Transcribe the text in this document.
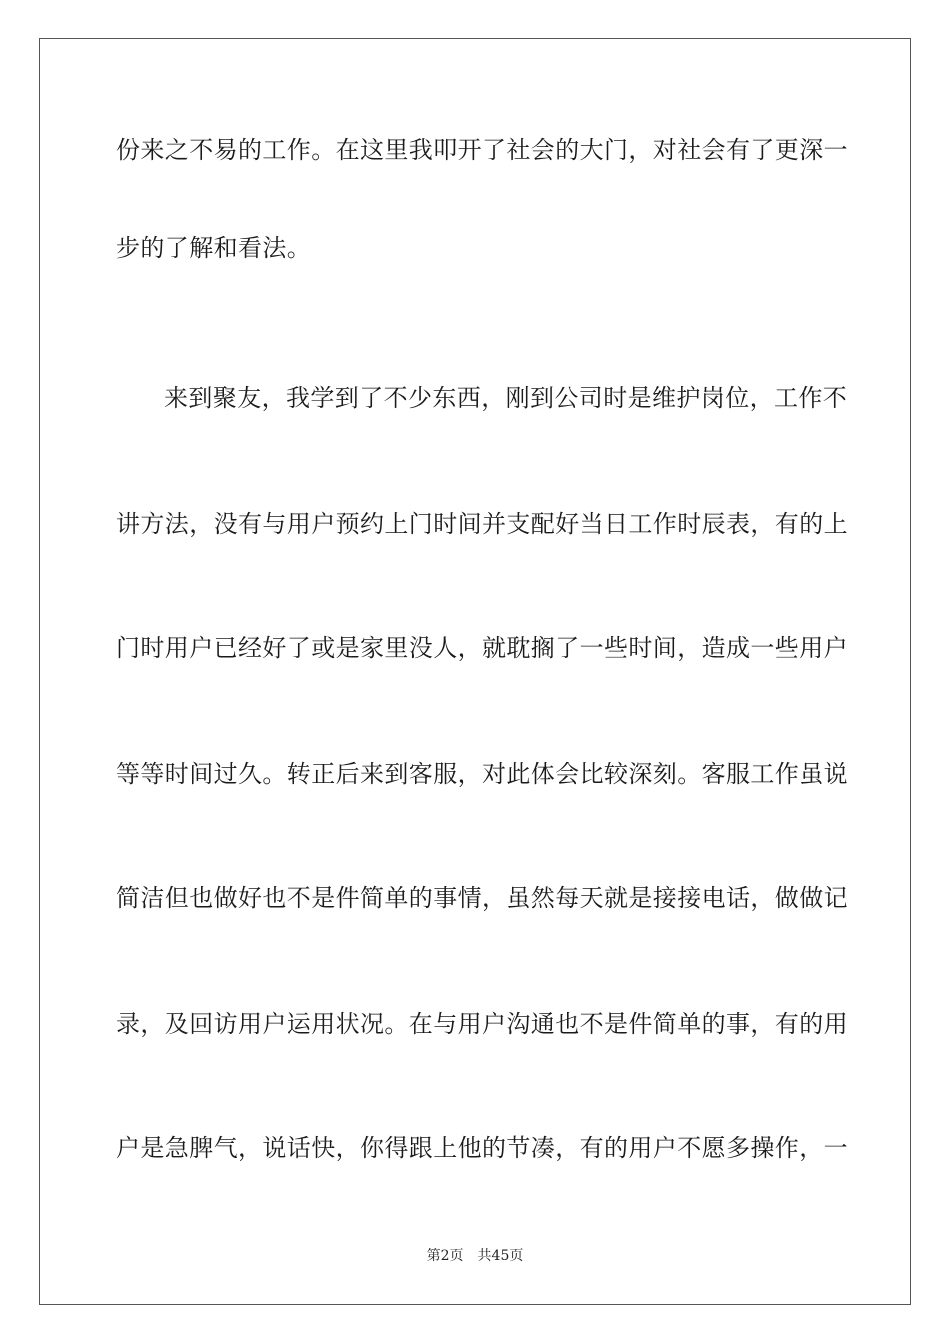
份来之不易的工作。在这里我叩开了社会的大门，对社会有了更深一
步的了解和看法。
来到聚友，我学到了不少东西，刚到公司时是维护岗位，工作不
讲方法，没有与用户预约上门时间并支配好当日工作时辰表，有的上
门时用户已经好了或是家里没人，就耽搁了一些时间，造成一些用户
等等时间过久。转正后来到客服，对此体会比较深刻。客服工作虽说
简洁但也做好也不是件简单的事情，虽然每天就是接接电话，做做记
录，及回访用户运用状况。在与用户沟通也不是件简单的事，有的用
户是急脾气，说话快，你得跟上他的节凑，有的用户不愿多操作，一
第2页 共45页
